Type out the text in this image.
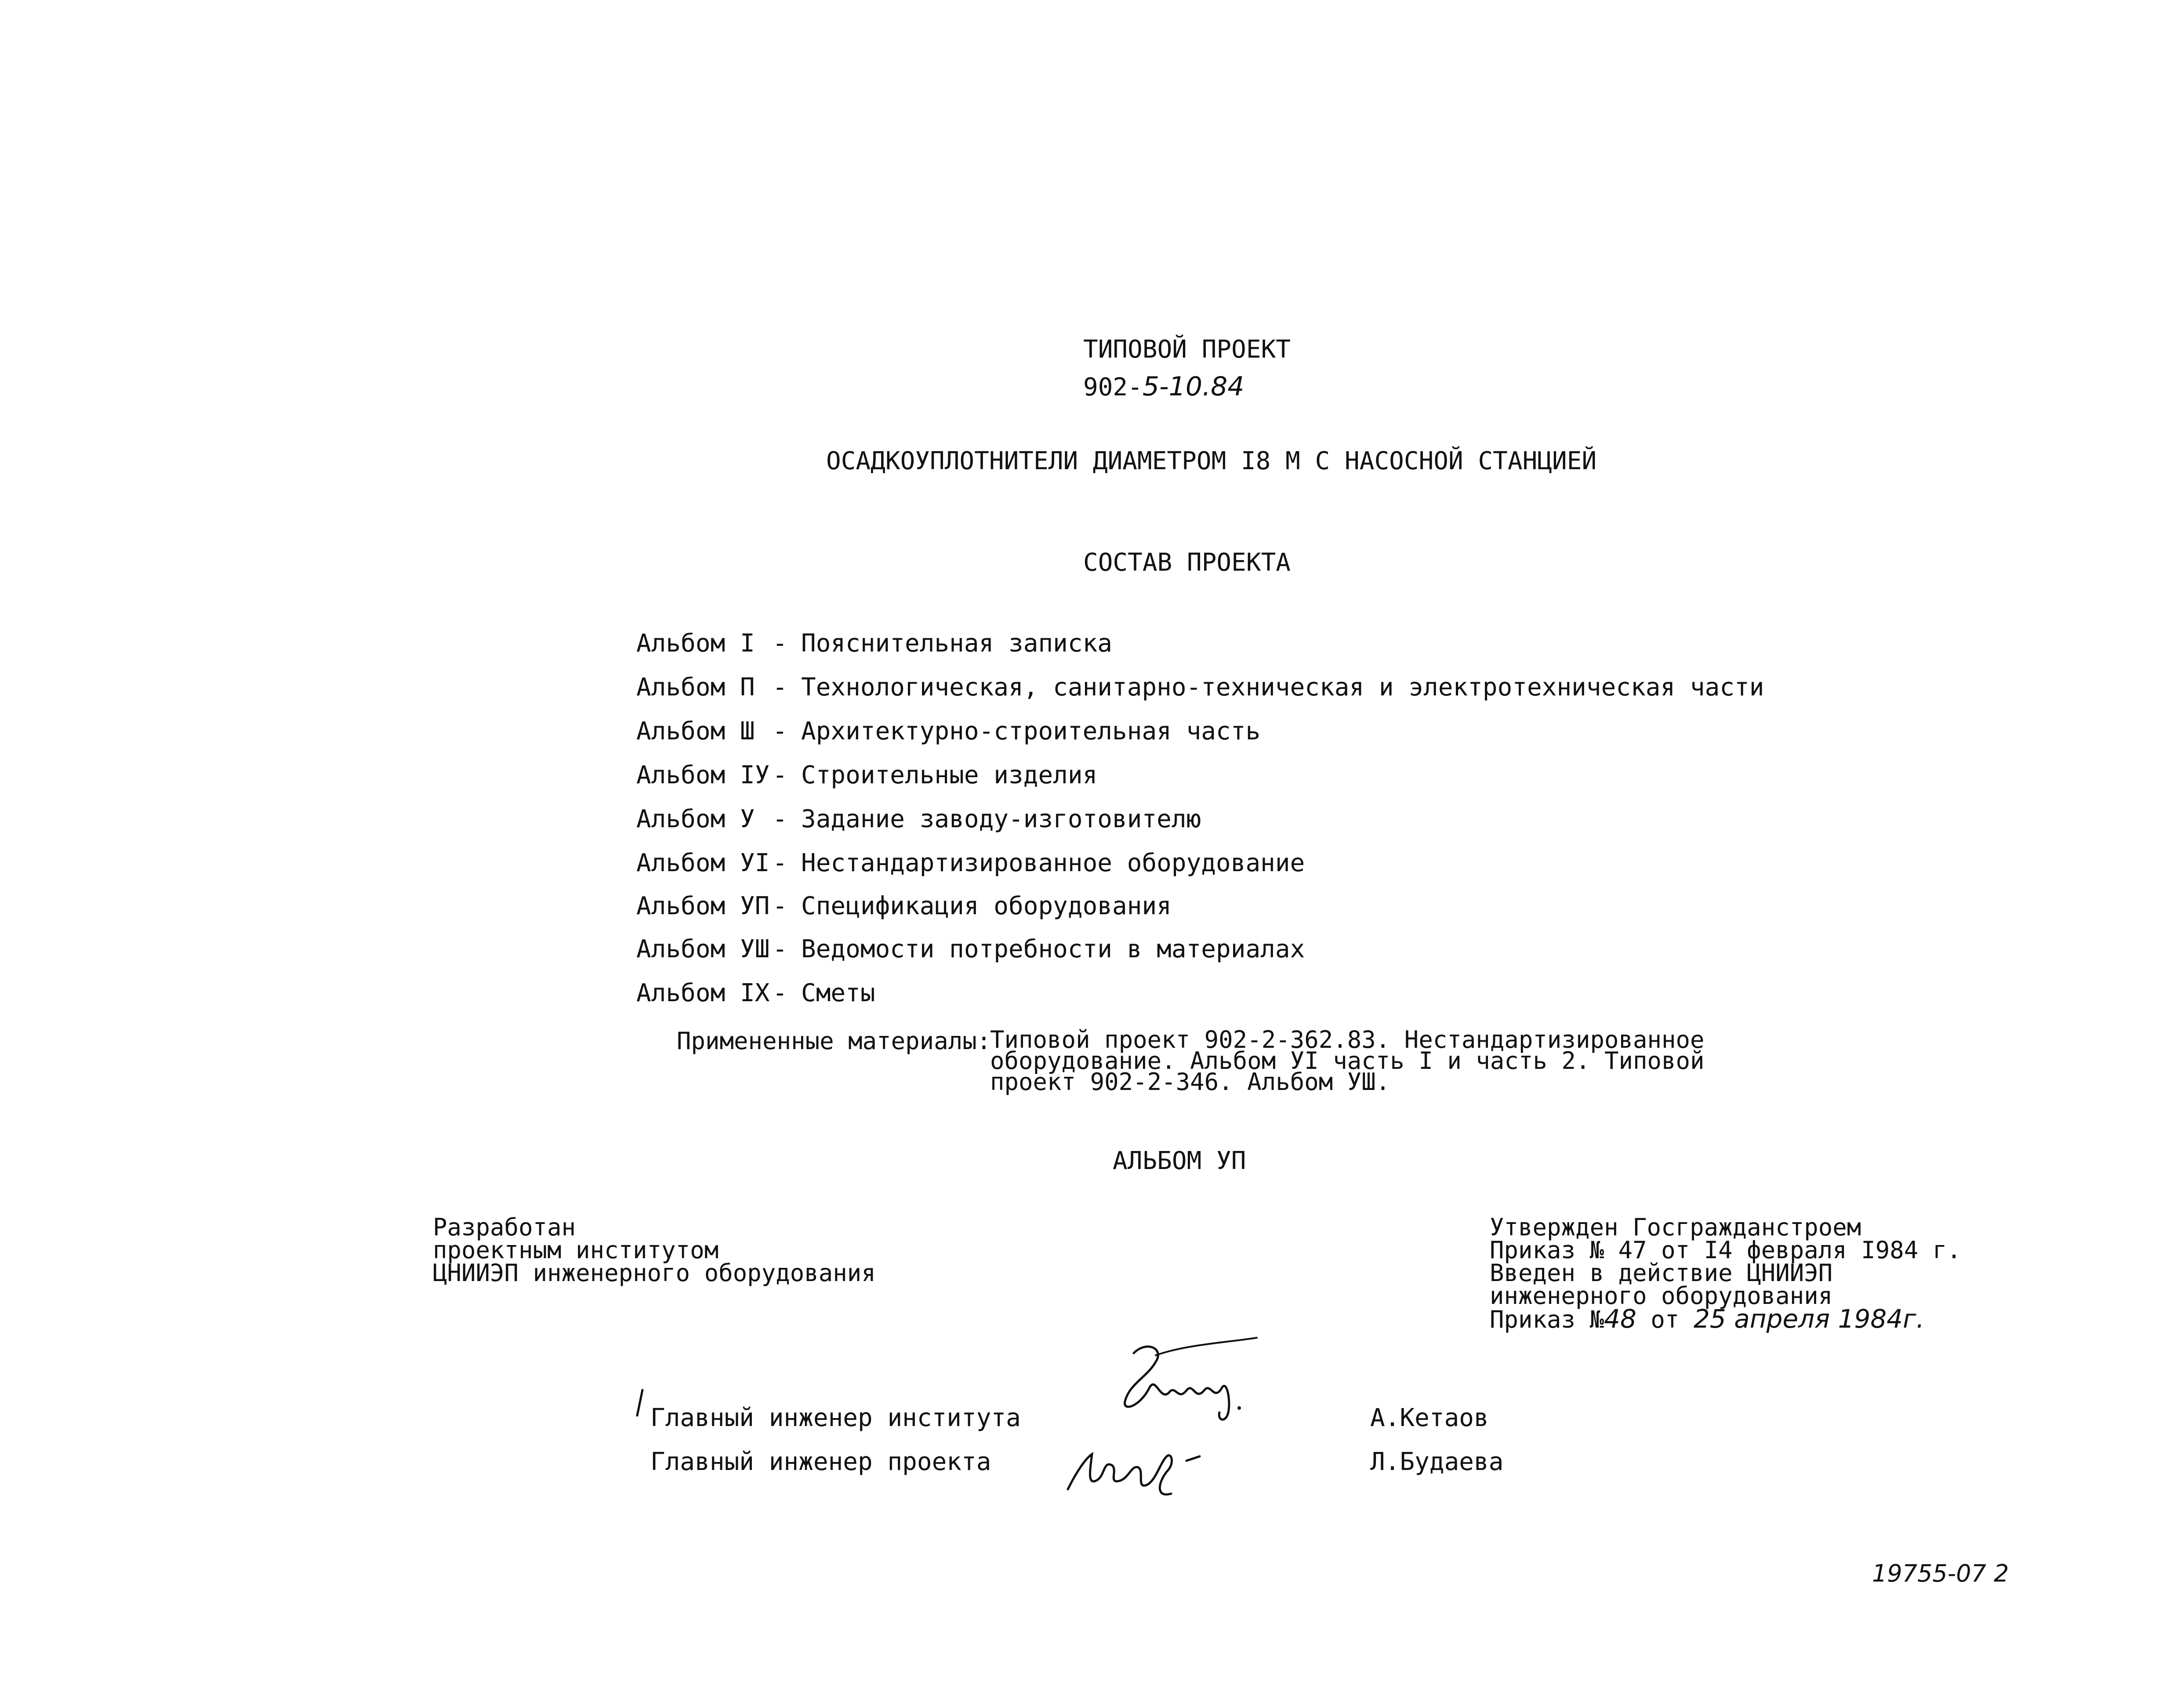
ТИПОВОЙ ПРОЕКТ
902-5-10.84
ОСАДКОУПЛОТНИТЕЛИ ДИАМЕТРОМ I8 М С НАСОСНОЙ СТАНЦИЕЙ
СОСТАВ ПРОЕКТА
Альбом I - Пояснительная записка
Альбом П - Технологическая, санитарно-техническая и электротехническая части
Альбом Ш - Архитектурно-строительная часть
Альбом IУ - Строительные изделия
Альбом У - Задание заводу-изготовителю
Альбом УI - Нестандартизированное оборудование
Альбом УП - Спецификация оборудования
Альбом УШ - Ведомости потребности в материалах
Альбом IX - Сметы
Примененные материалы:
Типовой проект 902-2-362.83. Нестандартизированное
оборудование. Альбом УI часть I и часть 2. Типовой
проект 902-2-346. Альбом УШ.
АЛЬБОМ УП
Разработан
проектным институтом
ЦНИИЭП инженерного оборудования
Утвержден Госгражданстроем
Приказ № 47 от I4 февраля I984 г.
Введен в действие ЦНИИЭП
инженерного оборудования
Приказ №48 от 25 апреля 1984г.
Главный инженер института	А.Кетаов
Главный инженер проекта	Л.Будаева
19755-07 2
